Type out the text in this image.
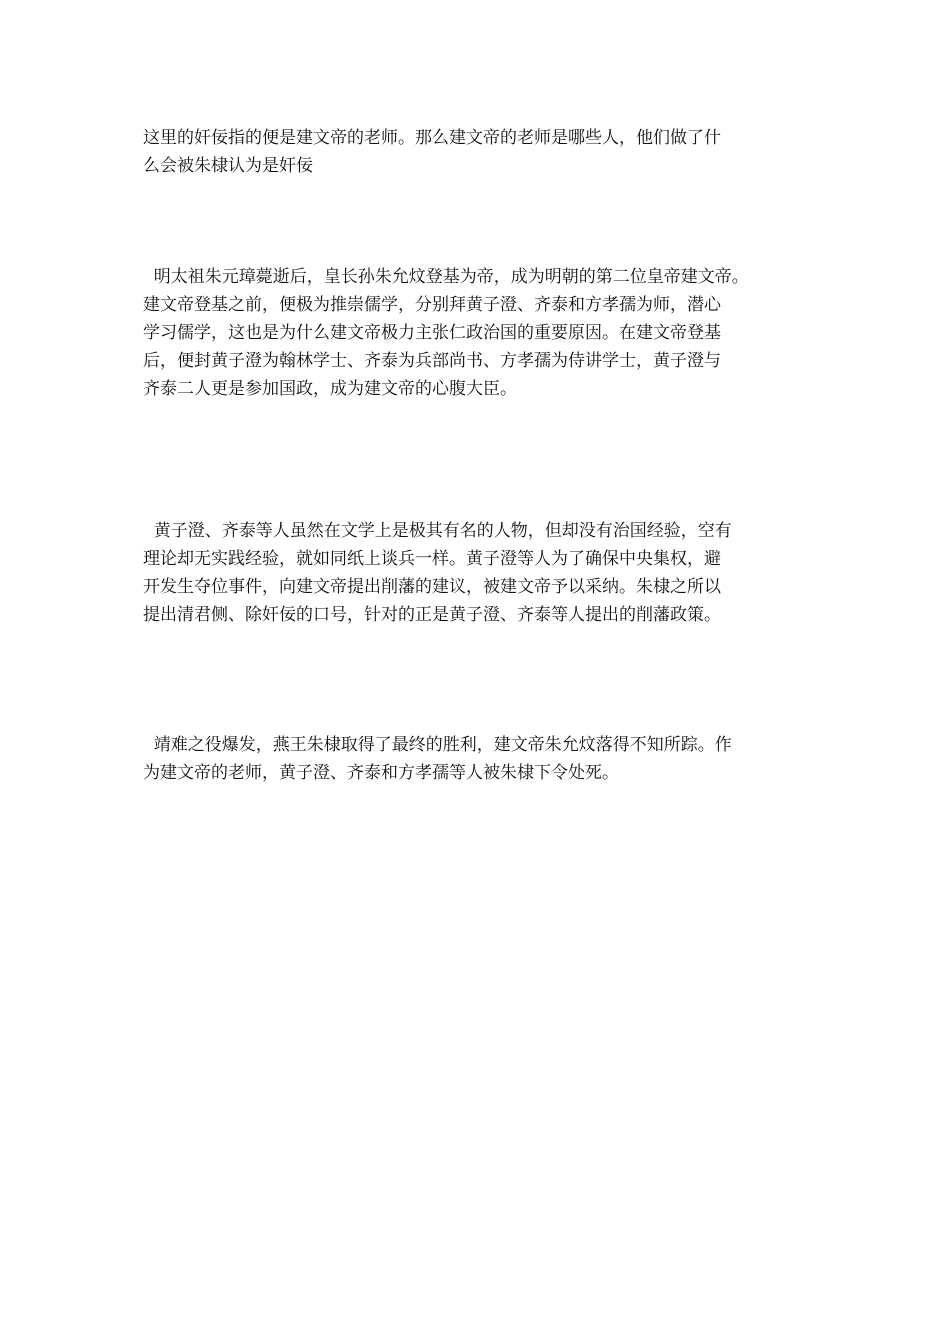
这里的奸佞指的便是建文帝的老师。那么建文帝的老师是哪些人，他们做了什
么会被朱棣认为是奸佞

明太祖朱元璋薨逝后，皇长孙朱允炆登基为帝，成为明朝的第二位皇帝建文帝。
建文帝登基之前，便极为推崇儒学，分别拜黄子澄、齐泰和方孝孺为师，潜心
学习儒学，这也是为什么建文帝极力主张仁政治国的重要原因。在建文帝登基
后，便封黄子澄为翰林学士、齐泰为兵部尚书、方孝孺为侍讲学士，黄子澄与
齐泰二人更是参加国政，成为建文帝的心腹大臣。

黄子澄、齐泰等人虽然在文学上是极其有名的人物，但却没有治国经验，空有
理论却无实践经验，就如同纸上谈兵一样。黄子澄等人为了确保中央集权，避
开发生夺位事件，向建文帝提出削藩的建议，被建文帝予以采纳。朱棣之所以
提出清君侧、除奸佞的口号，针对的正是黄子澄、齐泰等人提出的削藩政策。

靖难之役爆发，燕王朱棣取得了最终的胜利，建文帝朱允炆落得不知所踪。作
为建文帝的老师，黄子澄、齐泰和方孝孺等人被朱棣下令处死。
